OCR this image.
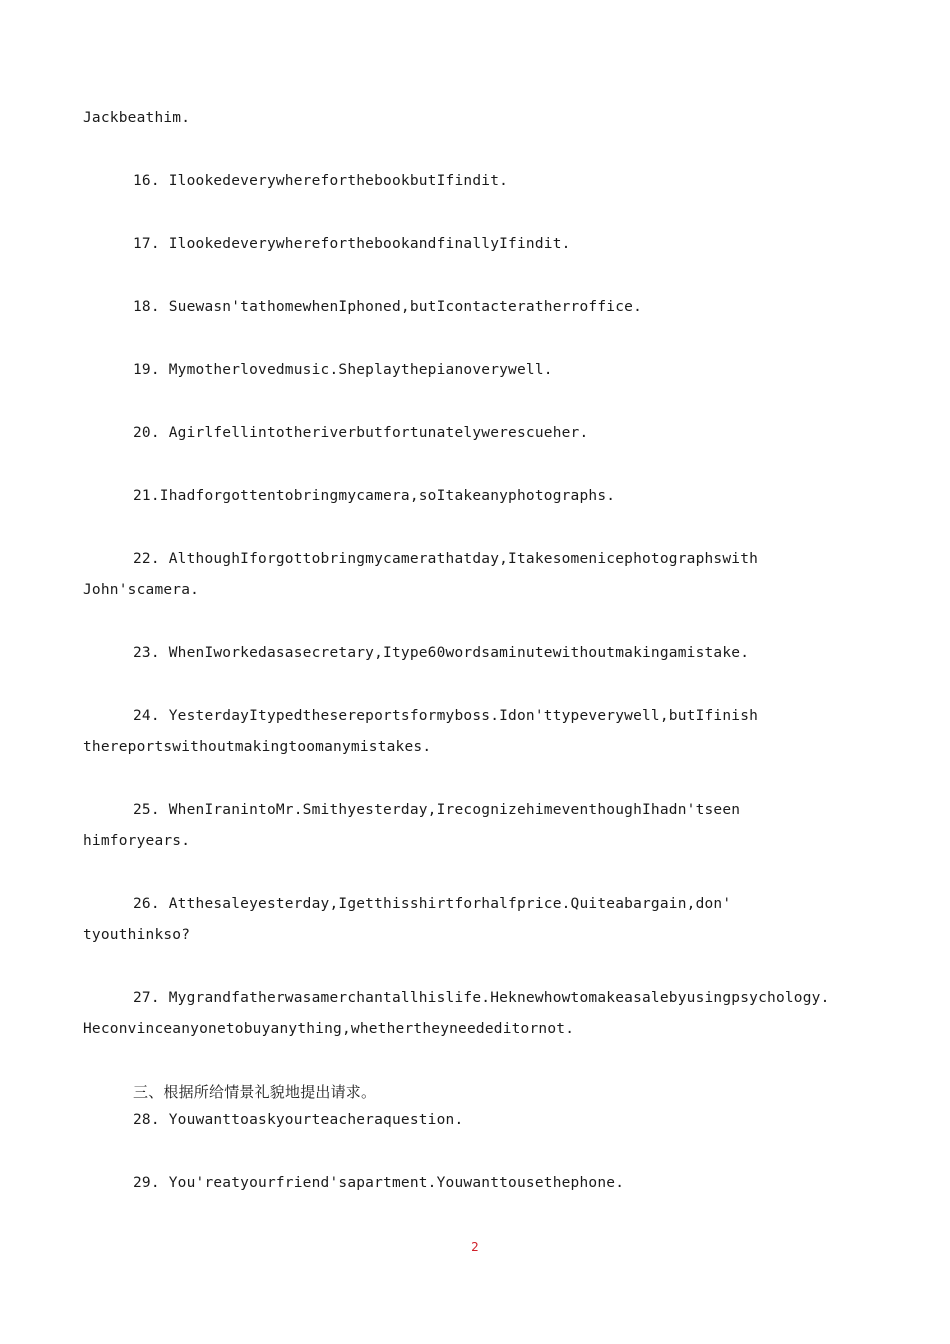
Jackbeathim.
16. IlookedeverywhereforthebookbutIfindit.
17. IlookedeverywhereforthebookandfinallyIfindit.
18. Suewasn'tathomewhenIphoned,butIcontacteratherroffice.
19. Mymotherlovedmusic.Sheplaythepianoverywell.
20. Agirlfellintotheriverbutfortunatelywerescueher.
21.Ihadforgottentobringmycamera,soItakeanyphotographs.
22. AlthoughIforgottobringmycamerathatday,Itakesomenicephotographswith
John'scamera.
23. WhenIworkedasasecretary,Itype60wordsaminutewithoutmakingamistake.
24. YesterdayItypedthesereportsformyboss.Idon'ttypeverywell,butIfinish
thereportswithoutmakingtoomanymistakes.
25. WhenIranintoMr.Smithyesterday,IrecognizehimeventhoughIhadn'tseen
himforyears.
26. Atthesaleyesterday,Igetthisshirtforhalfprice.Quiteabargain,don'
tyouthinkso?
27. Mygrandfatherwasamerchantallhislife.Heknewhowtomakeasalebyusingpsychology.
Heconvinceanyonetobuyanything,whethertheyneededitornot.
三、根据所给情景礼貌地提出请求。
28. Youwanttoaskyourteacheraquestion.
29. You'reatyourfriend'sapartment.Youwanttousethephone.
2
